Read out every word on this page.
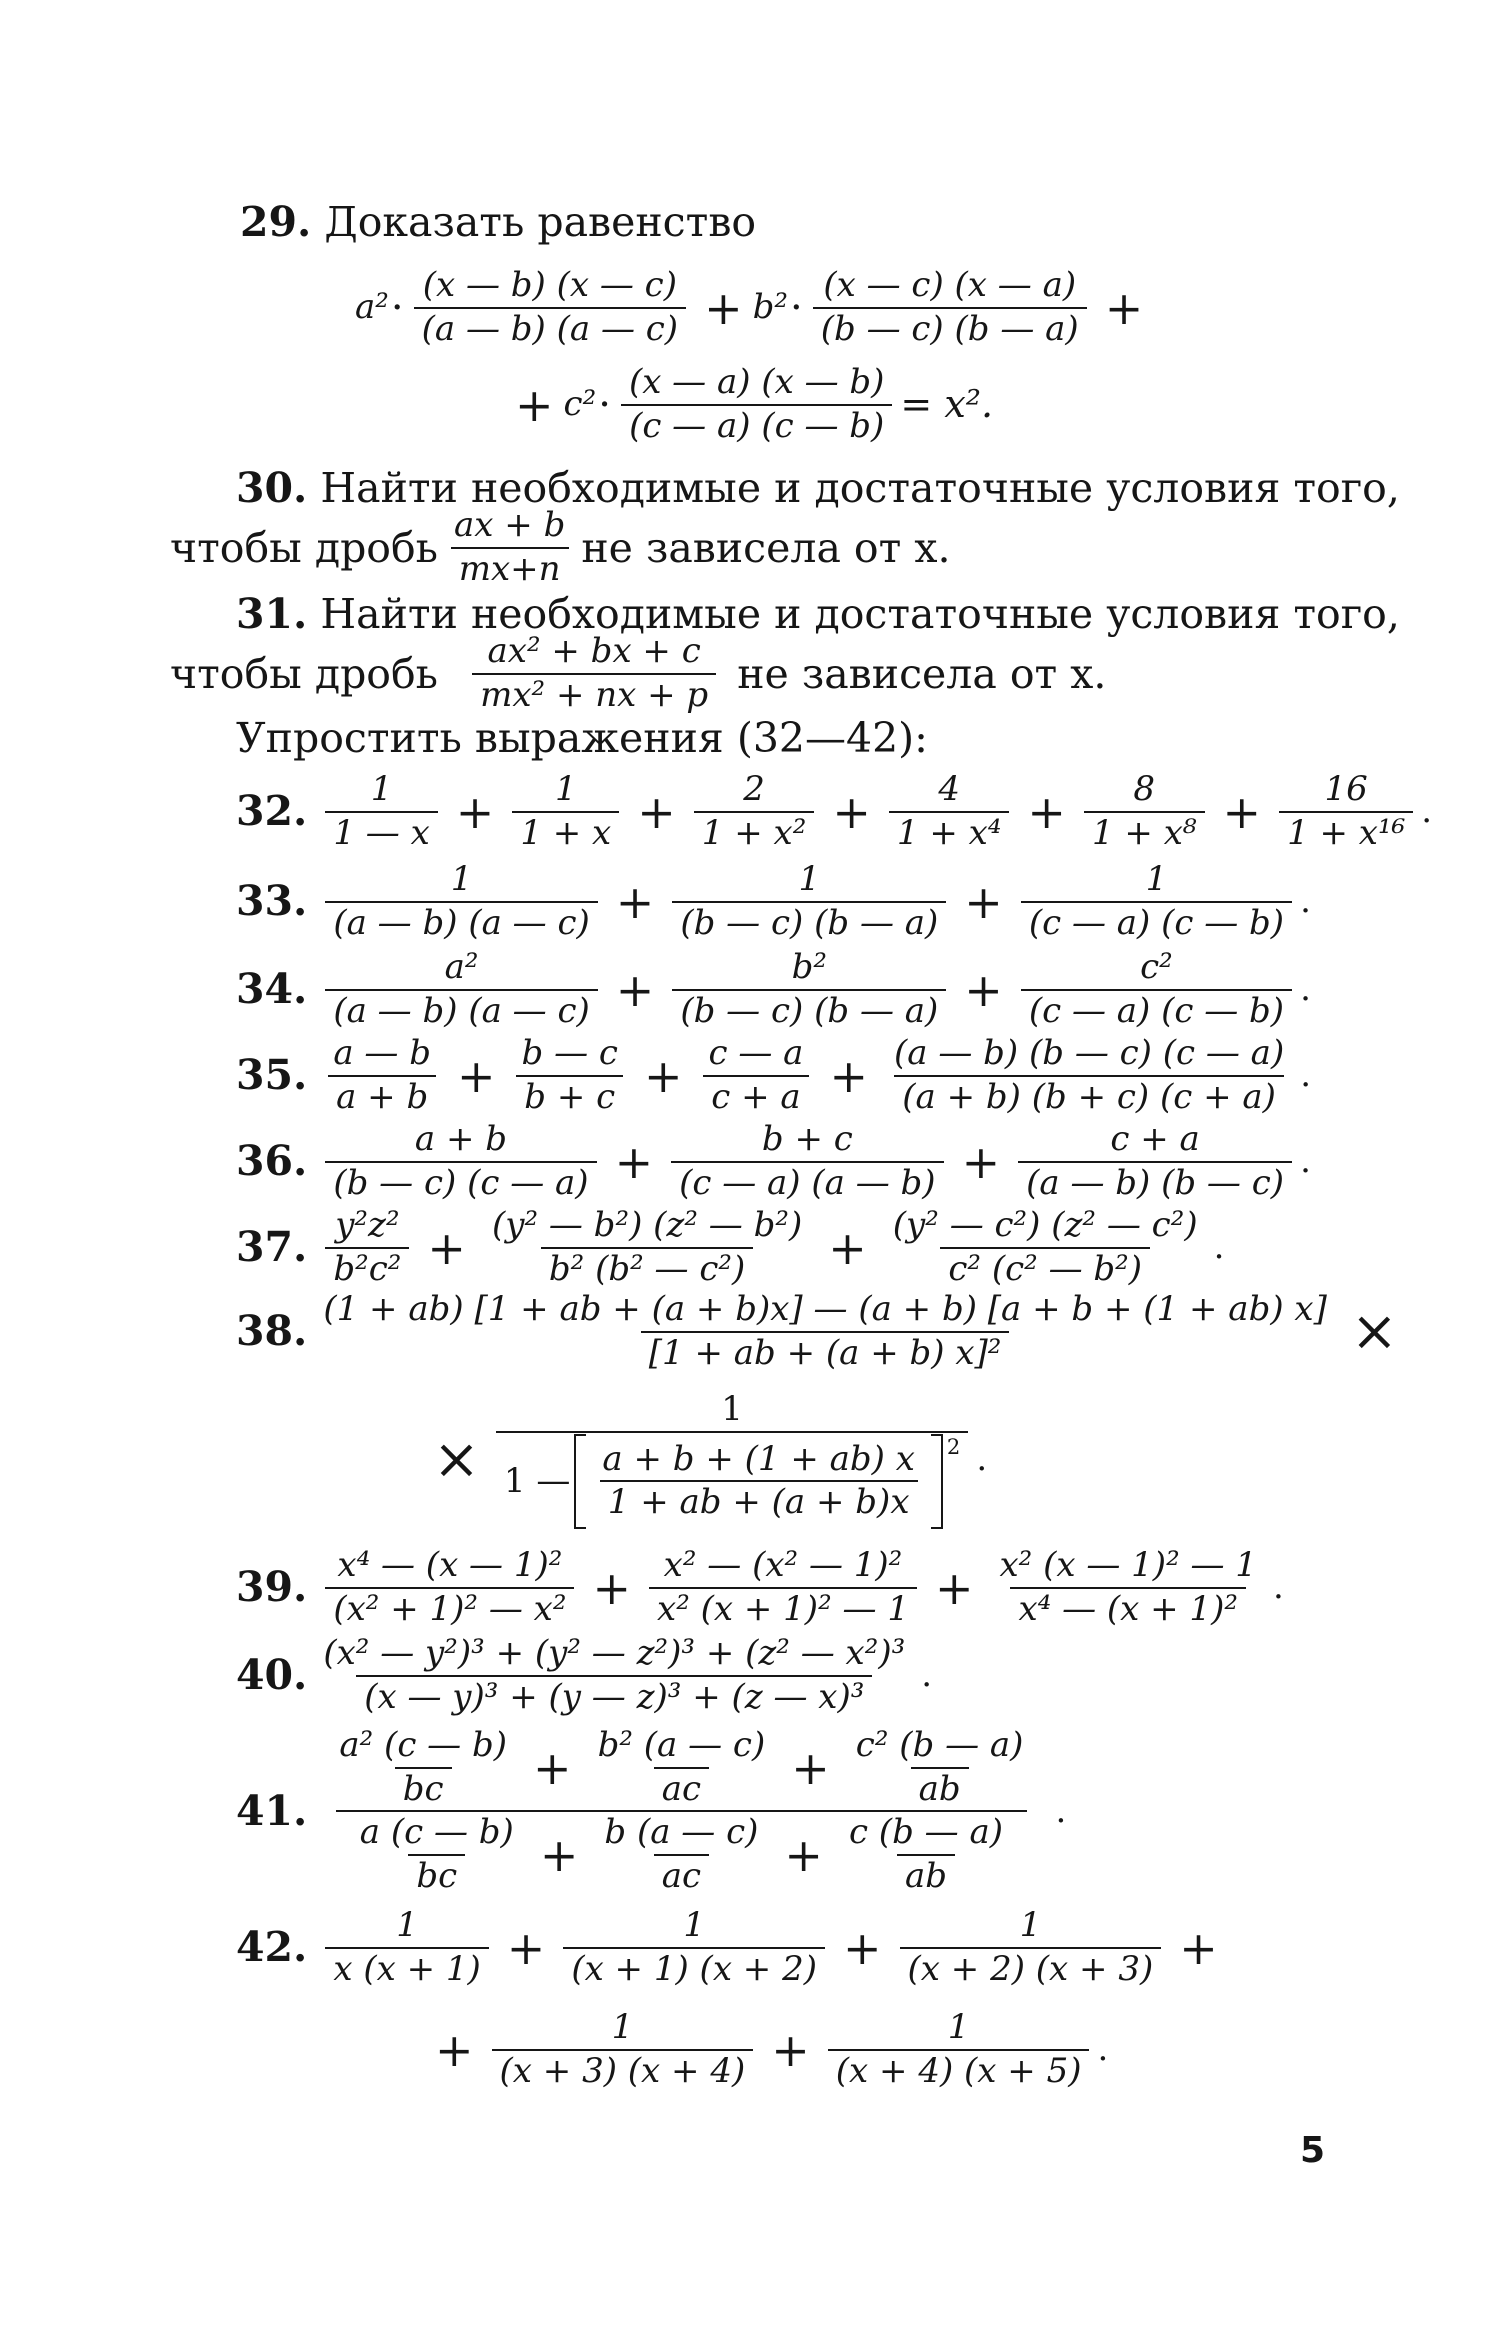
29.
Доказать равенство
$a^2 \cdot \frac{(x — b) (x — c)}{(a — b) (a — c)} + b^2 \cdot \frac{(x — c) (x — a)}{(b — c) (b — a)}$ +
+ $c^2 \cdot \frac{(x — a) (x — b)}{(c — a) (c — b)} = x^2$.
30.
Найти необходимые и достаточные условия того,
чтобы дробь $\frac{ax + b}{mx+n}$ не зависела от x.
31.
Найти необходимые и достаточные условия того,
чтобы дробь
$\frac{\text{ax² + bx + c}}{\text{mx² + nx + p}}$
не зависела от x.
Упростить выражения (32—42):
32. $\frac{1}{1 — x} + \frac{1}{1 + x} + \frac{2}{\text{1 + x²}} + \frac{4}{\text{1 + x⁴}} + \frac{8}{\text{1 + x⁸}} + \frac{16}{\text{1 + x¹⁶}}$ .
33. $\frac{1}{(a — b) (a — c)} + \frac{1}{(b — c) (b — a)} + \frac{1}{(c — a) (c — b)}$ .
34. $\frac{\text{a²}}{(a — b) (a — c)} + \frac{\text{b²}}{(b — c) (b — a)} + \frac{\text{c²}}{(c — a) (c — b)}$ .
35. $\frac{a — b}{a + b} + \frac{b — c}{b + c} + \frac{c — a}{c + a} + \frac{(a — b) (b — c) (c — a)}{(a + b) (b + c) (c + a)}$ .
36. $\frac{a + b}{(b — c) (c — a)} + \frac{b + c}{(c — a) (a — b)} + \frac{c + a}{(a — b) (b — c)}$ .
37. $\frac{\text{y²z²}}{\text{b²c²}} + \frac{\text{(y² — b²) (z² — b²)}}{\text{b² (b² — c²)}} + \frac{\text{(y² — c²) (z² — c²)}}{\text{c² (c² — b²)}}$ .
38. $\frac{(1 + ab) [1 + ab + (a + b)x] — (a + b) [a + b + (1 + ab) x]}{\text{[1 + ab + (a + b) x]²}}$ ×
×
1
1 — $\frac{a + b + (1 + ab) x}{1 + ab + (a + b)x} ^2$ .
39. $\frac{\text{x⁴ — (x — 1)²}}{\text{(x² + 1)² — x²}} + \frac{\text{x² — (x² — 1)²}}{\text{x² (x + 1)² — 1}} + \frac{\text{x² (x — 1)² — 1}}{\text{x⁴ — (x + 1)²}}$ .
40. $\frac{\text{(x² — y²)³ + (y² — z²)³ + (z² — x²)³}}{\text{(x — y)³ + (y — z)³ + (z — x)³}}$ .
41. $\frac{\frac{\text{a² (c — b)}}{bc} + \frac{\text{b² (a — c)}}{ac} + \frac{\text{c² (b — a)}}{ab}}{\frac{a (c — b)}{bc} + \frac{b (a — c)}{ac} + \frac{c (b — a)}{ab}}$ .
42. $\frac{1}{x (x + 1)} + \frac{1}{(x + 1) (x + 2)} + \frac{1}{(x + 2) (x + 3)}$ +
+ $\frac{1}{(x + 3) (x + 4)} + \frac{1}{(x + 4) (x + 5)}$ .
5
